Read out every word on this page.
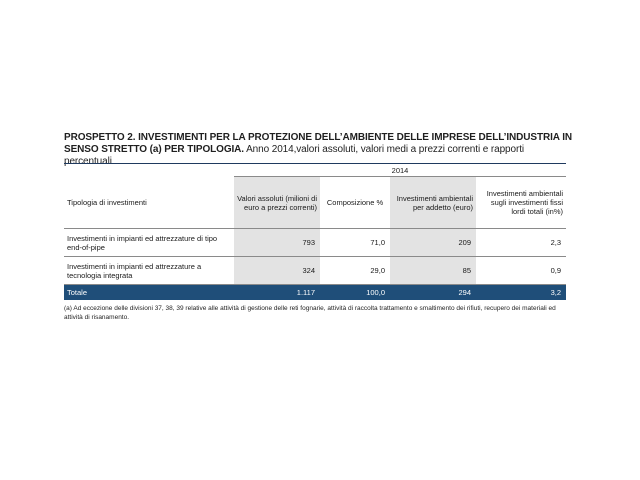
PROSPETTO 2. INVESTIMENTI PER LA PROTEZIONE DELL’AMBIENTE DELLE IMPRESE DELL’INDUSTRIA IN SENSO STRETTO (a) PER TIPOLOGIA. Anno 2014,valori assoluti, valori medi a prezzi correnti e rapporti percentuali
	2014			
Tipologia di investimenti	Valori assoluti (milioni di euro a prezzi correnti)	Composizione %	Investimenti ambientali per addetto (euro)	Investimenti ambientali sugli investimenti fissi lordi totali (in%)
Investimenti in impianti ed attrezzature di tipo end-of-pipe	793	71,0	209	2,3
Investimenti in impianti ed attrezzature a tecnologia integrata	324	29,0	85	0,9
Totale	1.117	100,0	294	3,2
(a) Ad eccezione delle divisioni 37, 38, 39 relative alle attività di gestione delle reti fognarie, attività di raccolta trattamento e smaltimento dei rifiuti, recupero dei materiali ed attività di risanamento.
